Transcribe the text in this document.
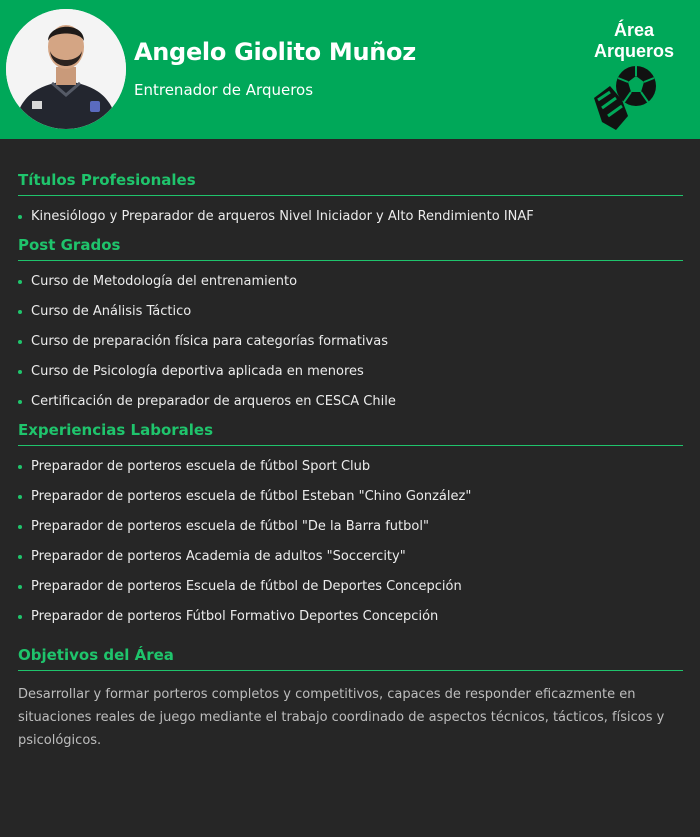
Angelo Giolito Muñoz
Entrenador de Arqueros
Área
Arqueros
Títulos Profesionales
Kinesiólogo y Preparador de arqueros Nivel Iniciador y Alto Rendimiento INAF
Post Grados
Curso de Metodología del entrenamiento
Curso de Análisis Táctico
Curso de preparación física para categorías formativas
Curso de Psicología deportiva aplicada en menores
Certificación de preparador de arqueros en CESCA Chile
Experiencias Laborales
Preparador de porteros escuela de fútbol Sport Club
Preparador de porteros escuela de fútbol Esteban "Chino González"
Preparador de porteros escuela de fútbol "De la Barra futbol"
Preparador de porteros Academia de adultos "Soccercity"
Preparador de porteros Escuela de fútbol de Deportes Concepción
Preparador de porteros Fútbol Formativo Deportes Concepción
Objetivos del Área

Desarrollar y formar porteros completos y competitivos, capaces de responder eficazmente en situaciones reales de juego mediante el trabajo coordinado de aspectos técnicos, tácticos, físicos y psicológicos.
